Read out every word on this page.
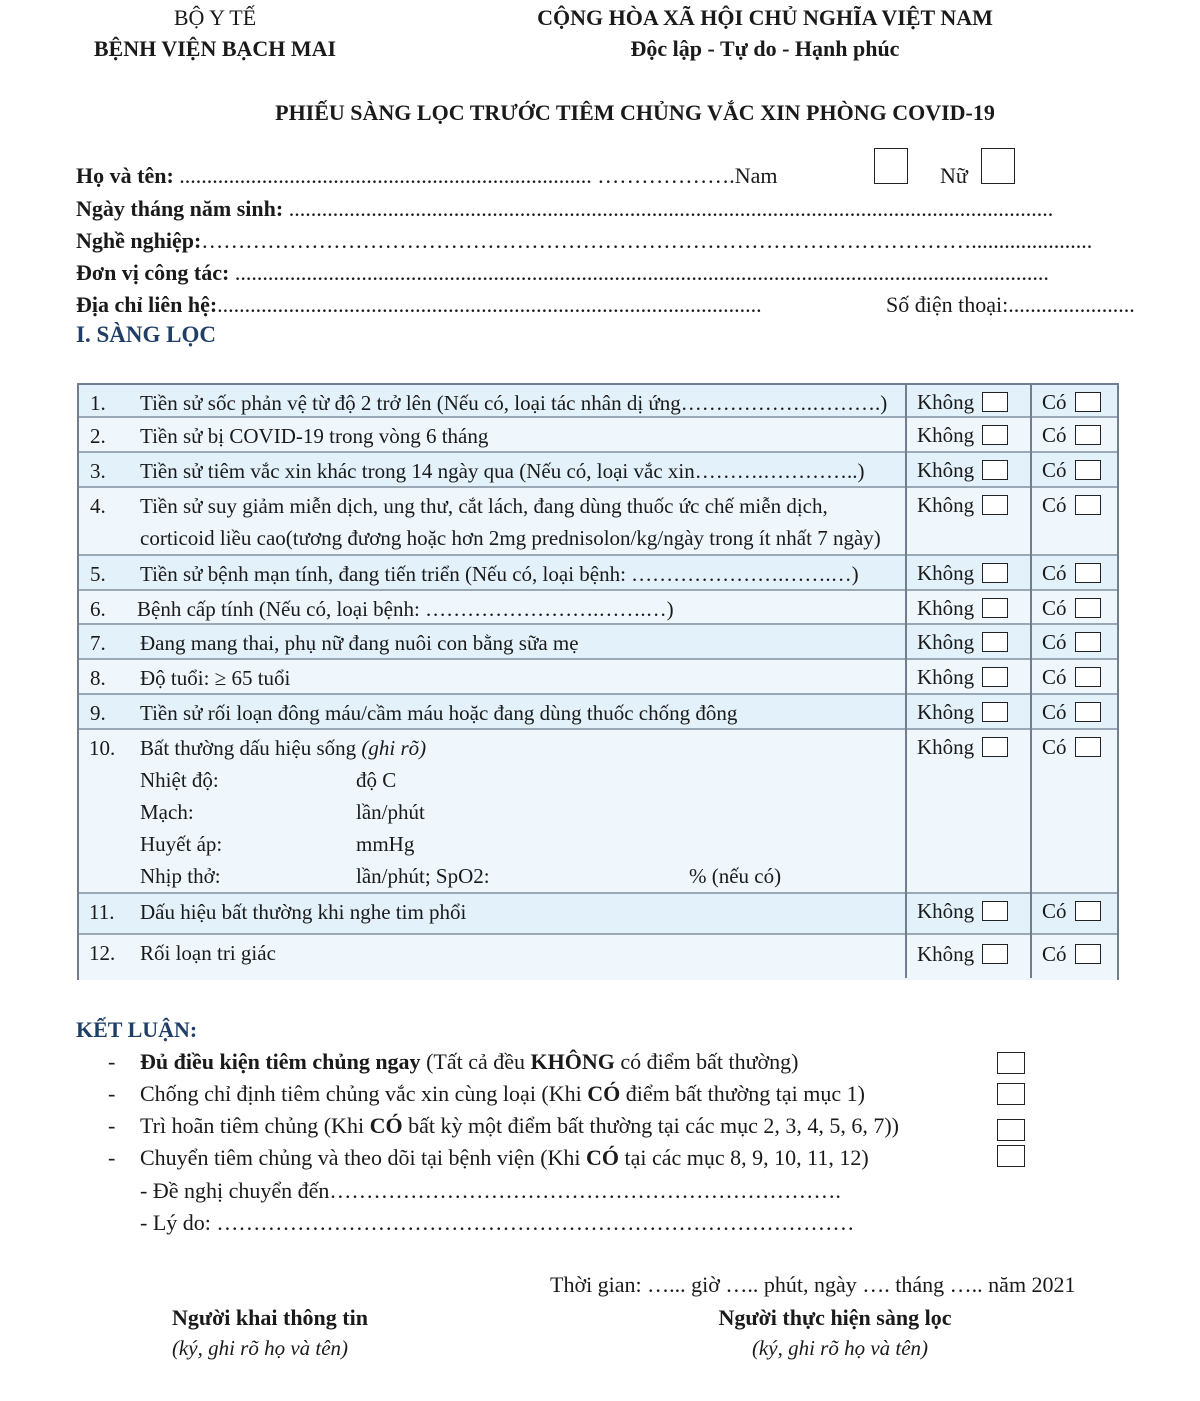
BỘ Y TẾ
BỆNH VIỆN BẠCH MAI
CỘNG HÒA XÃ HỘI CHỦ NGHĨA VIỆT NAM
Độc lập - Tự do - Hạnh phúc
PHIẾU SÀNG LỌC TRƯỚC TIÊM CHỦNG VẮC XIN PHÒNG COVID-19
Họ và tên: ........................................................................... ……………….Nam	Nữ
Ngày tháng năm sinh: ...........................................................................................................................................
Nghề nghiệp:……………………………………………………………………………………………......................
Đơn vị công tác: ....................................................................................................................................................
Địa chỉ liên hệ:...................................................................................................	Số điện thoại:.......................
I. SÀNG LỌC
1. Tiền sử sốc phản vệ từ độ 2 trở lên (Nếu có, loại tác nhân dị ứng……………….……….) Không	Có
2. Tiền sử bị COVID-19 trong vòng 6 tháng	Không	Có
3. Tiền sử tiêm vắc xin khác trong 14 ngày qua (Nếu có, loại vắc xin……….…………..)	Không	Có
4. Tiền sử suy giảm miễn dịch, ung thư, cắt lách, đang dùng thuốc ức chế miễn dịch,
corticoid liều cao(tương đương hoặc hơn 2mg prednisolon/kg/ngày trong ít nhất 7 ngày)
Không	Có
5. Tiền sử bệnh mạn tính, đang tiến triển (Nếu có, loại bệnh: ………………….…….…)	Không	Có
6. Bệnh cấp tính (Nếu có, loại bệnh: …………………….…….…)	Không	Có
7. Đang mang thai, phụ nữ đang nuôi con bằng sữa mẹ	Không	Có
8. Độ tuổi: ≥ 65 tuổi	Không	Có
9. Tiền sử rối loạn đông máu/cầm máu hoặc đang dùng thuốc chống đông	Không	Có
10. Bất thường dấu hiệu sống (ghi rõ)
Nhiệt độ:	độ C
Mạch:	lần/phút
Huyết áp:	mmHg
Nhịp thở:	lần/phút; SpO2:	% (nếu có)
Không	Có
11. Dấu hiệu bất thường khi nghe tim phổi	Không	Có
12. Rối loạn tri giác	Không	Có
KẾT LUẬN:
- Đủ điều kiện tiêm chủng ngay (Tất cả đều KHÔNG có điểm bất thường)
- Chống chỉ định tiêm chủng vắc xin cùng loại (Khi CÓ điểm bất thường tại mục 1)
- Trì hoãn tiêm chủng (Khi CÓ bất kỳ một điểm bất thường tại các mục 2, 3, 4, 5, 6, 7))
- Chuyển tiêm chủng và theo dõi tại bệnh viện (Khi CÓ tại các mục 8, 9, 10, 11, 12)
- Đề nghị chuyển đến…………………………………………………………….
- Lý do: ……………………………………………………………………………
Thời gian: …... giờ ….. phút, ngày …. tháng ….. năm 2021
Người khai thông tin
(ký, ghi rõ họ và tên)
Người thực hiện sàng lọc
(ký, ghi rõ họ và tên)
